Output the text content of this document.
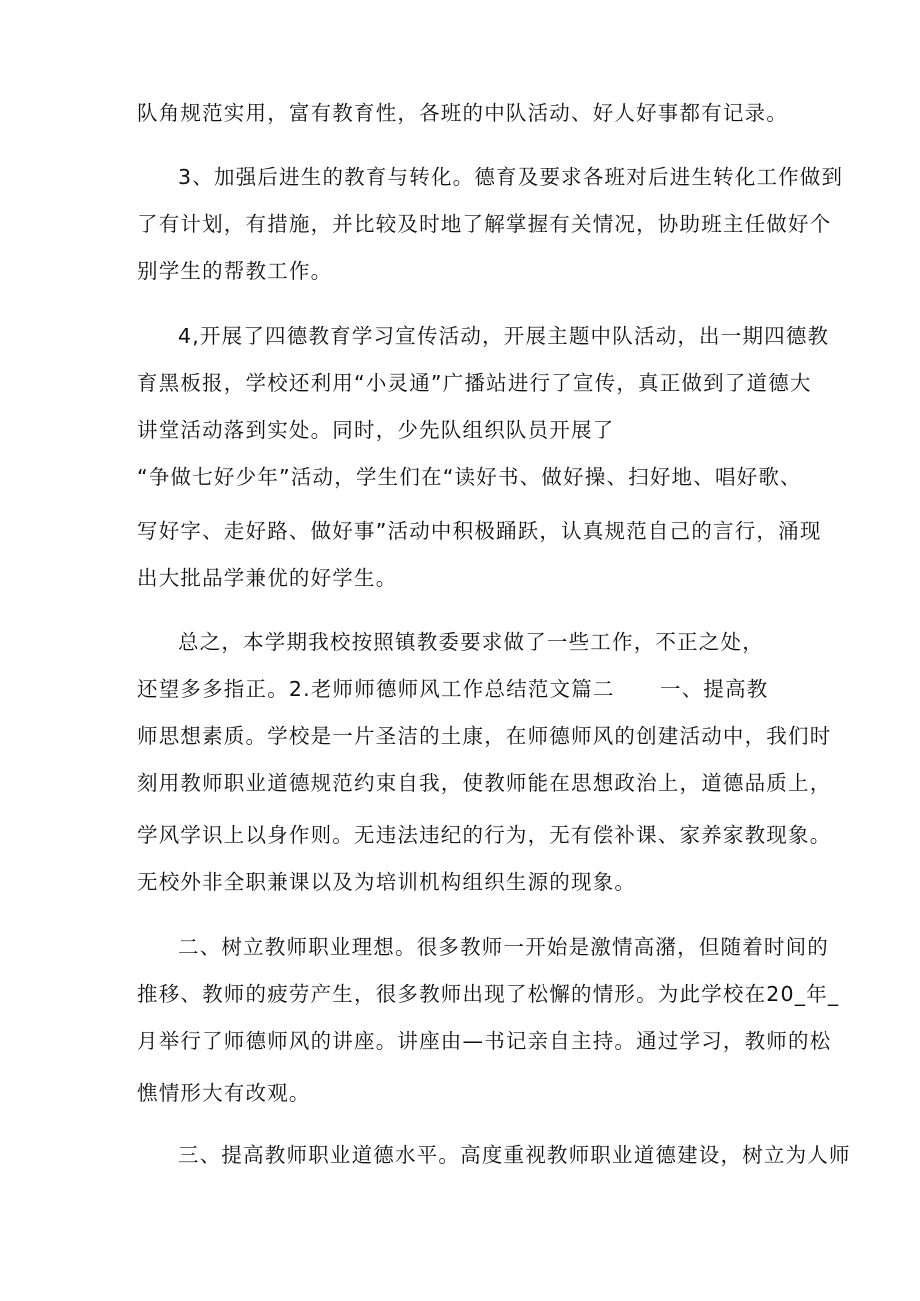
队角规范实用，富有教育性，各班的中队活动、好人好事都有记录。
3、加强后进生的教育与转化。德育及要求各班对后进生转化工作做到
了有计划，有措施，并比较及时地了解掌握有关情况，协助班主任做好个
别学生的帮教工作。
4,开展了四德教育学习宣传活动，开展主题中队活动，出一期四德教
育黑板报，学校还利用“小灵通”广播站进行了宣传，真正做到了道德大
讲堂活动落到实处。同时，少先队组织队员开展了
“争做七好少年”活动，学生们在“读好书、做好操、扫好地、唱好歌、
写好字、走好路、做好事”活动中积极踊跃，认真规范自己的言行，涌现
出大批品学兼优的好学生。
总之，本学期我校按照镇教委要求做了一些工作，不正之处，
还望多多指正。2.老师师德师风工作总结范文篇二 一、提高教
师思想素质。学校是一片圣洁的土康，在师德师风的创建活动中，我们时
刻用教师职业道德规范约束自我，使教师能在思想政治上，道德品质上，
学风学识上以身作则。无违法违纪的行为，无有偿补课、家养家教现象。
无校外非全职兼课以及为培训机构组织生源的现象。
二、树立教师职业理想。很多教师一开始是激情高潴，但随着时间的
推移、教师的疲劳产生，很多教师出现了松懈的情形。为此学校在20_年_
月举行了师德师风的讲座。讲座由—书记亲自主持。通过学习，教师的松
憔情形大有改观。
三、提高教师职业道德水平。高度重视教师职业道德建设，树立为人师
